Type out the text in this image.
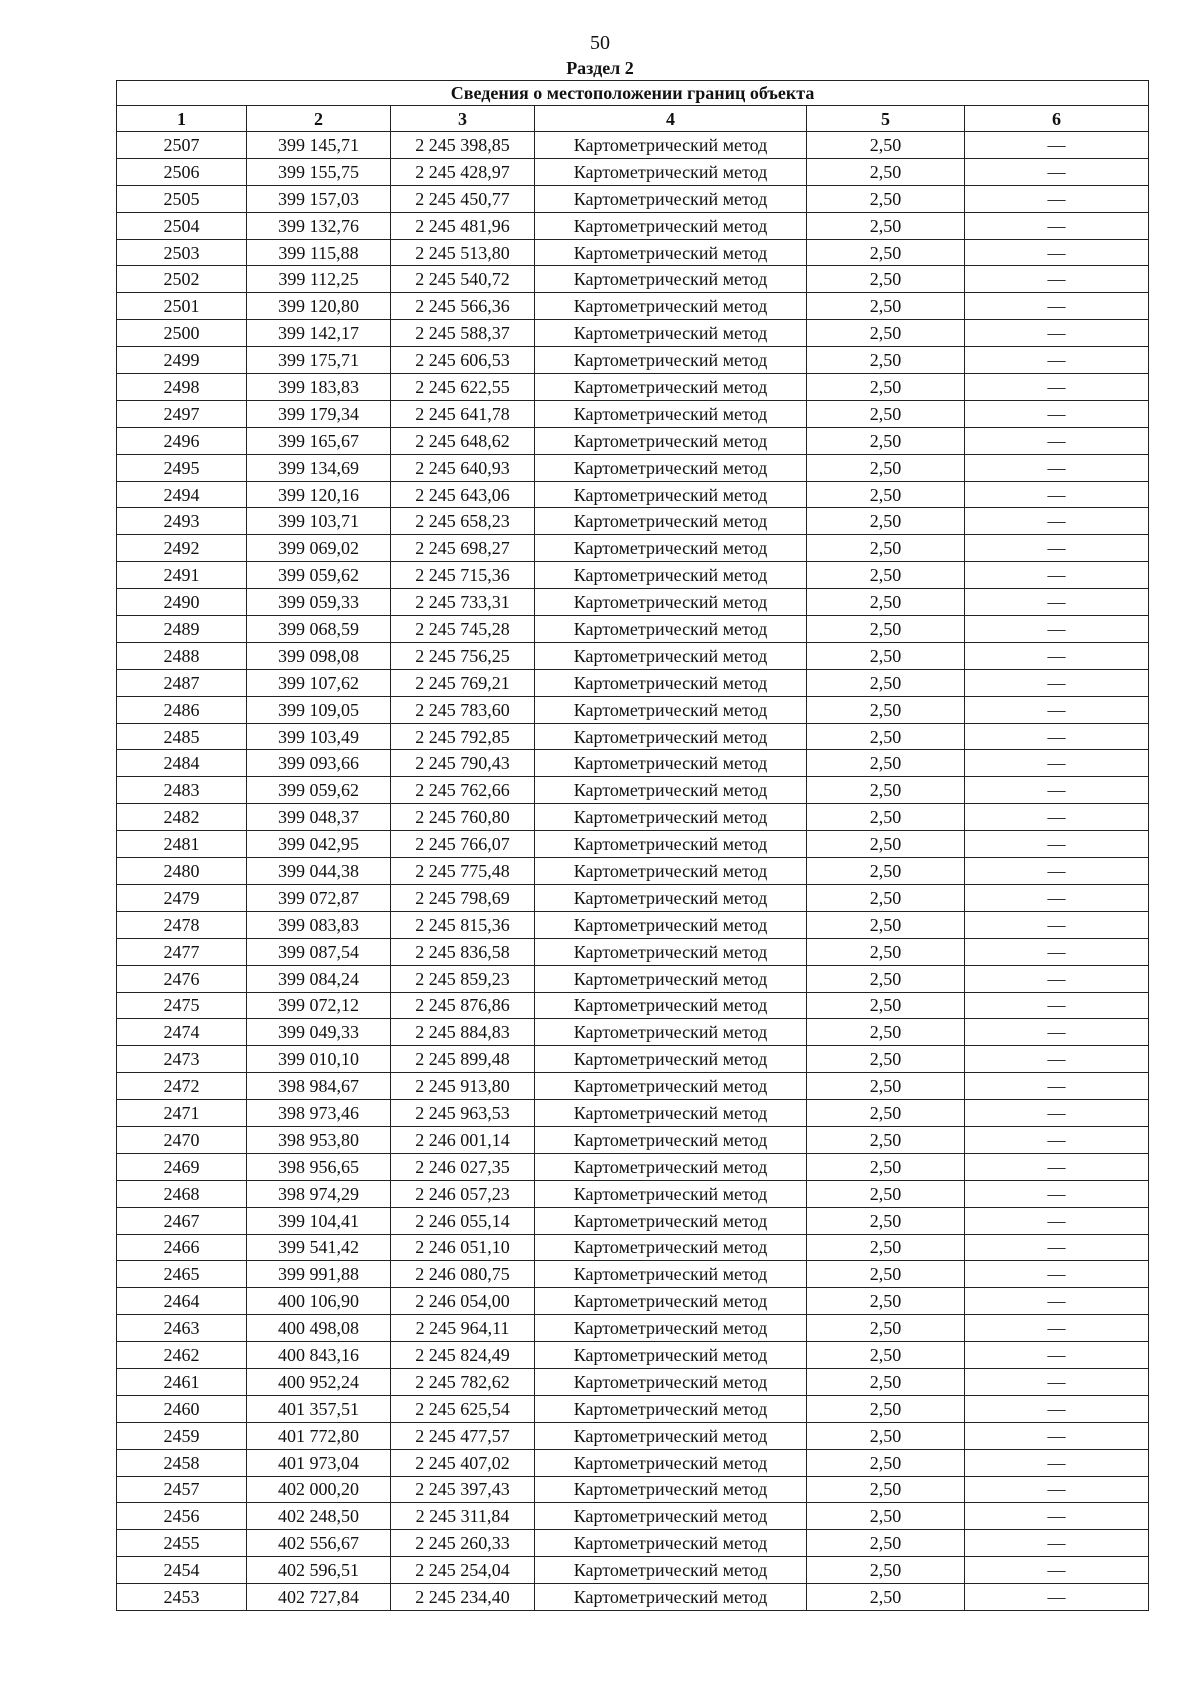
50
Раздел 2
Сведения о местоположении границ объекта					
1	2	3	4	5	6
2507	399 145,71	2 245 398,85	Картометрический метод	2,50	—
2506	399 155,75	2 245 428,97	Картометрический метод	2,50	—
2505	399 157,03	2 245 450,77	Картометрический метод	2,50	—
2504	399 132,76	2 245 481,96	Картометрический метод	2,50	—
2503	399 115,88	2 245 513,80	Картометрический метод	2,50	—
2502	399 112,25	2 245 540,72	Картометрический метод	2,50	—
2501	399 120,80	2 245 566,36	Картометрический метод	2,50	—
2500	399 142,17	2 245 588,37	Картометрический метод	2,50	—
2499	399 175,71	2 245 606,53	Картометрический метод	2,50	—
2498	399 183,83	2 245 622,55	Картометрический метод	2,50	—
2497	399 179,34	2 245 641,78	Картометрический метод	2,50	—
2496	399 165,67	2 245 648,62	Картометрический метод	2,50	—
2495	399 134,69	2 245 640,93	Картометрический метод	2,50	—
2494	399 120,16	2 245 643,06	Картометрический метод	2,50	—
2493	399 103,71	2 245 658,23	Картометрический метод	2,50	—
2492	399 069,02	2 245 698,27	Картометрический метод	2,50	—
2491	399 059,62	2 245 715,36	Картометрический метод	2,50	—
2490	399 059,33	2 245 733,31	Картометрический метод	2,50	—
2489	399 068,59	2 245 745,28	Картометрический метод	2,50	—
2488	399 098,08	2 245 756,25	Картометрический метод	2,50	—
2487	399 107,62	2 245 769,21	Картометрический метод	2,50	—
2486	399 109,05	2 245 783,60	Картометрический метод	2,50	—
2485	399 103,49	2 245 792,85	Картометрический метод	2,50	—
2484	399 093,66	2 245 790,43	Картометрический метод	2,50	—
2483	399 059,62	2 245 762,66	Картометрический метод	2,50	—
2482	399 048,37	2 245 760,80	Картометрический метод	2,50	—
2481	399 042,95	2 245 766,07	Картометрический метод	2,50	—
2480	399 044,38	2 245 775,48	Картометрический метод	2,50	—
2479	399 072,87	2 245 798,69	Картометрический метод	2,50	—
2478	399 083,83	2 245 815,36	Картометрический метод	2,50	—
2477	399 087,54	2 245 836,58	Картометрический метод	2,50	—
2476	399 084,24	2 245 859,23	Картометрический метод	2,50	—
2475	399 072,12	2 245 876,86	Картометрический метод	2,50	—
2474	399 049,33	2 245 884,83	Картометрический метод	2,50	—
2473	399 010,10	2 245 899,48	Картометрический метод	2,50	—
2472	398 984,67	2 245 913,80	Картометрический метод	2,50	—
2471	398 973,46	2 245 963,53	Картометрический метод	2,50	—
2470	398 953,80	2 246 001,14	Картометрический метод	2,50	—
2469	398 956,65	2 246 027,35	Картометрический метод	2,50	—
2468	398 974,29	2 246 057,23	Картометрический метод	2,50	—
2467	399 104,41	2 246 055,14	Картометрический метод	2,50	—
2466	399 541,42	2 246 051,10	Картометрический метод	2,50	—
2465	399 991,88	2 246 080,75	Картометрический метод	2,50	—
2464	400 106,90	2 246 054,00	Картометрический метод	2,50	—
2463	400 498,08	2 245 964,11	Картометрический метод	2,50	—
2462	400 843,16	2 245 824,49	Картометрический метод	2,50	—
2461	400 952,24	2 245 782,62	Картометрический метод	2,50	—
2460	401 357,51	2 245 625,54	Картометрический метод	2,50	—
2459	401 772,80	2 245 477,57	Картометрический метод	2,50	—
2458	401 973,04	2 245 407,02	Картометрический метод	2,50	—
2457	402 000,20	2 245 397,43	Картометрический метод	2,50	—
2456	402 248,50	2 245 311,84	Картометрический метод	2,50	—
2455	402 556,67	2 245 260,33	Картометрический метод	2,50	—
2454	402 596,51	2 245 254,04	Картометрический метод	2,50	—
2453	402 727,84	2 245 234,40	Картометрический метод	2,50	—
